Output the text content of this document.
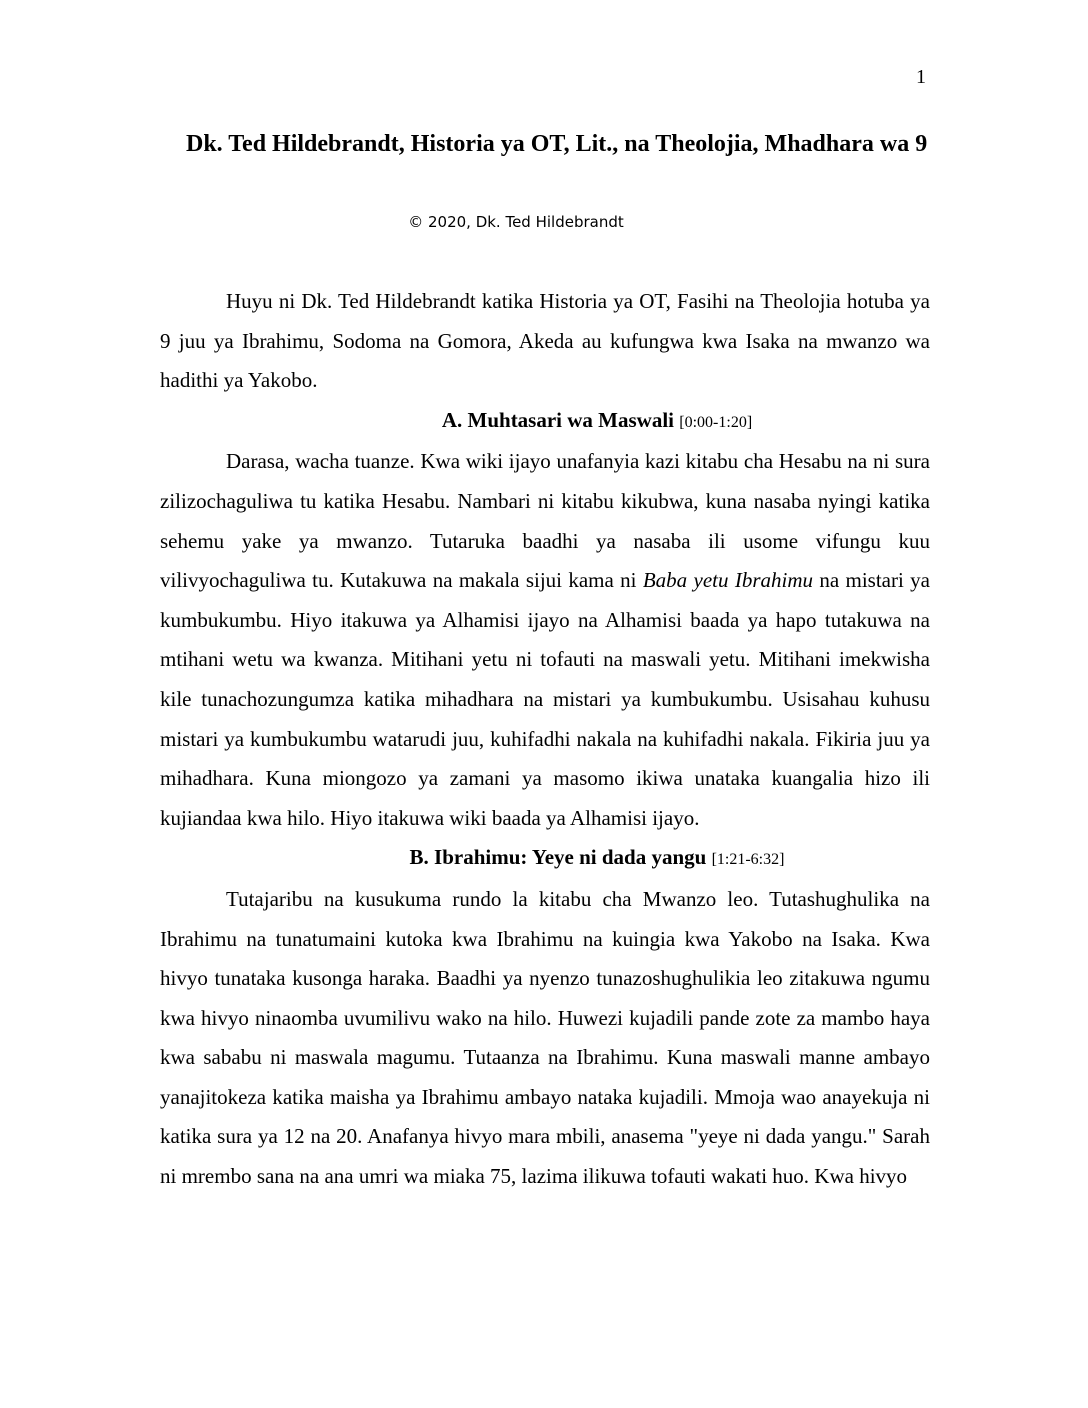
1
Dk. Ted Hildebrandt, Historia ya OT, Lit., na Theolojia, Mhadhara wa 9
© 2020, Dk. Ted Hildebrandt

Huyu ni Dk. Ted Hildebrandt katika Historia ya OT, Fasihi na Theolojia hotuba ya 9 juu ya Ibrahimu, Sodoma na Gomora, Akeda au kufungwa kwa Isaka na mwanzo wa hadithi ya Yakobo.

A. Muhtasari wa Maswali [0:00-1:20]

Darasa, wacha tuanze. Kwa wiki ijayo unafanyia kazi kitabu cha Hesabu na ni sura zilizochaguliwa tu katika Hesabu. Nambari ni kitabu kikubwa, kuna nasaba nyingi katika sehemu yake ya mwanzo. Tutaruka baadhi ya nasaba ili usome vifungu kuu vilivyochaguliwa tu. Kutakuwa na makala sijui kama ni Baba yetu Ibrahimu na mistari ya kumbukumbu. Hiyo itakuwa ya Alhamisi ijayo na Alhamisi baada ya hapo tutakuwa na mtihani wetu wa kwanza. Mitihani yetu ni tofauti na maswali yetu. Mitihani imekwisha kile tunachozungumza katika mihadhara na mistari ya kumbukumbu. Usisahau kuhusu mistari ya kumbukumbu watarudi juu, kuhifadhi nakala na kuhifadhi nakala. Fikiria juu ya mihadhara. Kuna miongozo ya zamani ya masomo ikiwa unataka kuangalia hizo ili kujiandaa kwa hilo. Hiyo itakuwa wiki baada ya Alhamisi ijayo.

B. Ibrahimu: Yeye ni dada yangu [1:21-6:32]

Tutajaribu na kusukuma rundo la kitabu cha Mwanzo leo. Tutashughulika na Ibrahimu na tunatumaini kutoka kwa Ibrahimu na kuingia kwa Yakobo na Isaka. Kwa hivyo tunataka kusonga haraka. Baadhi ya nyenzo tunazoshughulikia leo zitakuwa ngumu kwa hivyo ninaomba uvumilivu wako na hilo. Huwezi kujadili pande zote za mambo haya kwa sababu ni maswala magumu. Tutaanza na Ibrahimu. Kuna maswali manne ambayo yanajitokeza katika maisha ya Ibrahimu ambayo nataka kujadili. Mmoja wao anayekuja ni katika sura ya 12 na 20. Anafanya hivyo mara mbili, anasema "yeye ni dada yangu." Sarah ni mrembo sana na ana umri wa miaka 75, lazima ilikuwa tofauti wakati huo. Kwa hivyo
